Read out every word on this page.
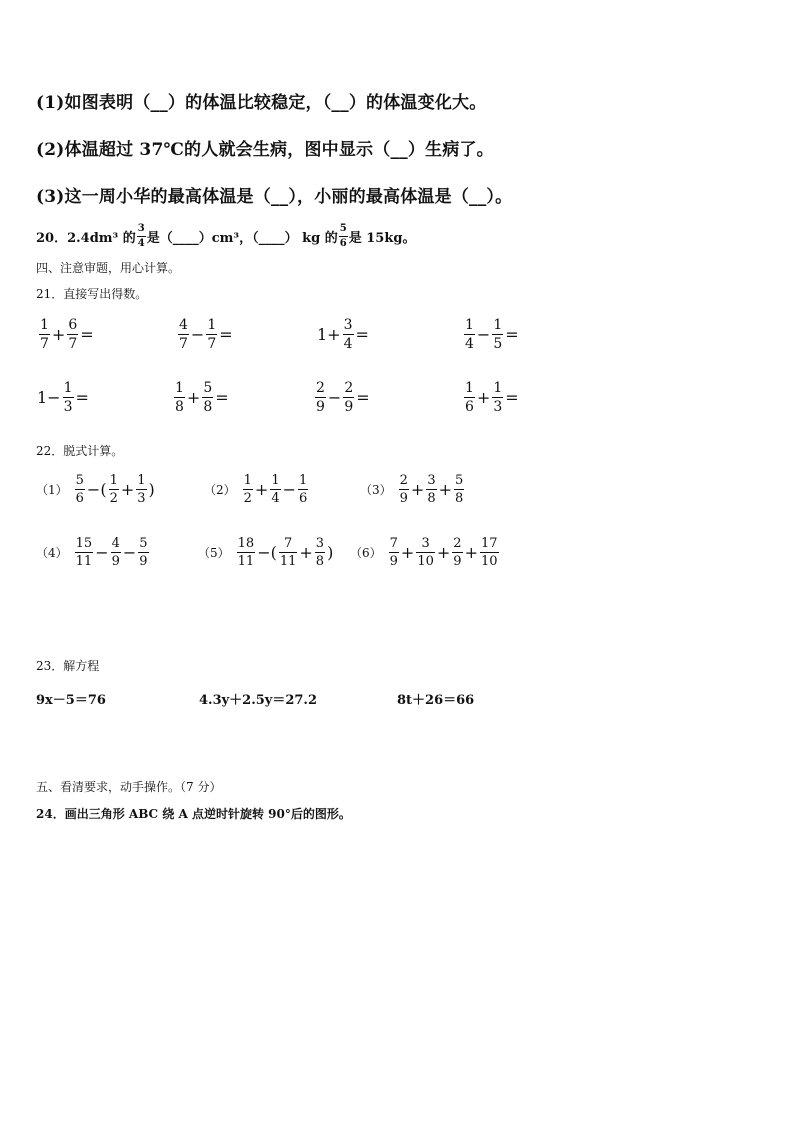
(1)如图表明（__）的体温比较稳定，（__）的体温变化大。
(2)体温超过 37℃的人就会生病，图中显示（__）生病了。
(3)这一周小华的最高体温是（__），小丽的最高体温是（__）。
20．2.4dm³ 的 $\frac{3}{4}$ 是（____）cm³，（____） kg 的 $\frac{5}{6}$ 是 15kg。
四、注意审题，用心计算。
21．直接写出得数。
$\frac{1}{7} + \frac{6}{7}$ =	$\frac{4}{7} - \frac{1}{7}$ =	$1+ \frac{3}{4}$ =	$\frac{1}{4} - \frac{1}{5}$ =
$1- \frac{1}{3}$ =	$\frac{1}{8} + \frac{5}{8}$ =	$\frac{2}{9} - \frac{2}{9}$ =	$\frac{1}{6} + \frac{1}{3}$ =
22．脱式计算。
$(1) \frac{5}{6}$ −( $\frac{1}{2} + \frac{1}{3}$ )	$(2) \frac{1}{2} + \frac{1}{4} - \frac{1}{6}$	$(3) \frac{2}{9} + \frac{3}{8} + \frac{5}{8}$
$(4) \frac{15}{11} - \frac{4}{9} - \frac{5}{9}$	$(5) \frac{18}{11}$ −( $\frac{7}{11} + \frac{3}{8}$ ) $(6) \frac{7}{9} + \frac{3}{10} + \frac{2}{9} + \frac{17}{10}$
23．解方程
9x－5＝76	4.3y＋2.5y＝27.2	8t＋26＝66
五、看清要求，动手操作。（7 分）
24．画出三角形 ABC 绕 A 点逆时针旋转 90°后的图形。
